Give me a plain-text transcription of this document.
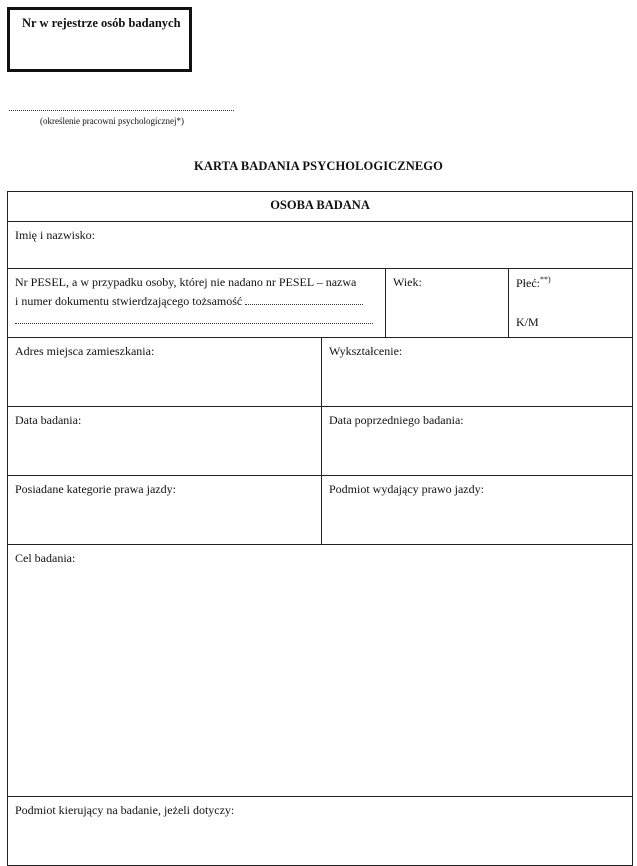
Nr w rejestrze osób badanych
(określenie pracowni psychologicznej*)
KARTA BADANIA PSYCHOLOGICZNEGO
OSOBA BADANA			
Imię i nazwisko:			
Nr PESEL, a w przypadku osoby, której nie nadano nr PESEL – nazwa
i numer dokumentu stwierdzającego tożsamość		Wiek:	Płeć:**)
K/M

Adres miejsca zamieszkania:	Wykształcenie:		
Data badania:	Data poprzedniego badania:		
Posiadane kategorie prawa jazdy:	Podmiot wydający prawo jazdy:		
Cel badania:			
Podmiot kierujący na badanie, jeżeli dotyczy:			
